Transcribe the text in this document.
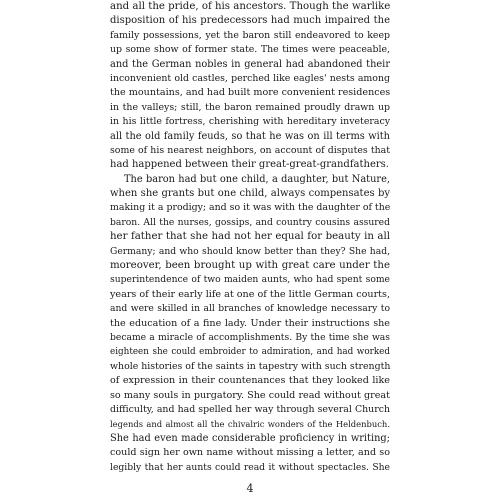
and all the pride, of his ancestors. Though the warlike
disposition of his predecessors had much impaired the
family possessions, yet the baron still endeavored to keep
up some show of former state. The times were peaceable,
and the German nobles in general had abandoned their
inconvenient old castles, perched like eagles' nests among
the mountains, and had built more convenient residences
in the valleys; still, the baron remained proudly drawn up
in his little fortress, cherishing with hereditary inveteracy
all the old family feuds, so that he was on ill terms with
some of his nearest neighbors, on account of disputes that
had happened between their great-great-grandfathers.
The baron had but one child, a daughter, but Nature,
when she grants but one child, always compensates by
making it a prodigy; and so it was with the daughter of the
baron. All the nurses, gossips, and country cousins assured
her father that she had not her equal for beauty in all
Germany; and who should know better than they? She had,
moreover, been brought up with great care under the
superintendence of two maiden aunts, who had spent some
years of their early life at one of the little German courts,
and were skilled in all branches of knowledge necessary to
the education of a fine lady. Under their instructions she
became a miracle of accomplishments. By the time she was
eighteen she could embroider to admiration, and had worked
whole histories of the saints in tapestry with such strength
of expression in their countenances that they looked like
so many souls in purgatory. She could read without great
difficulty, and had spelled her way through several Church
legends and almost all the chivalric wonders of the Heldenbuch.
She had even made considerable proficiency in writing;
could sign her own name without missing a letter, and so
legibly that her aunts could read it without spectacles. She
4
